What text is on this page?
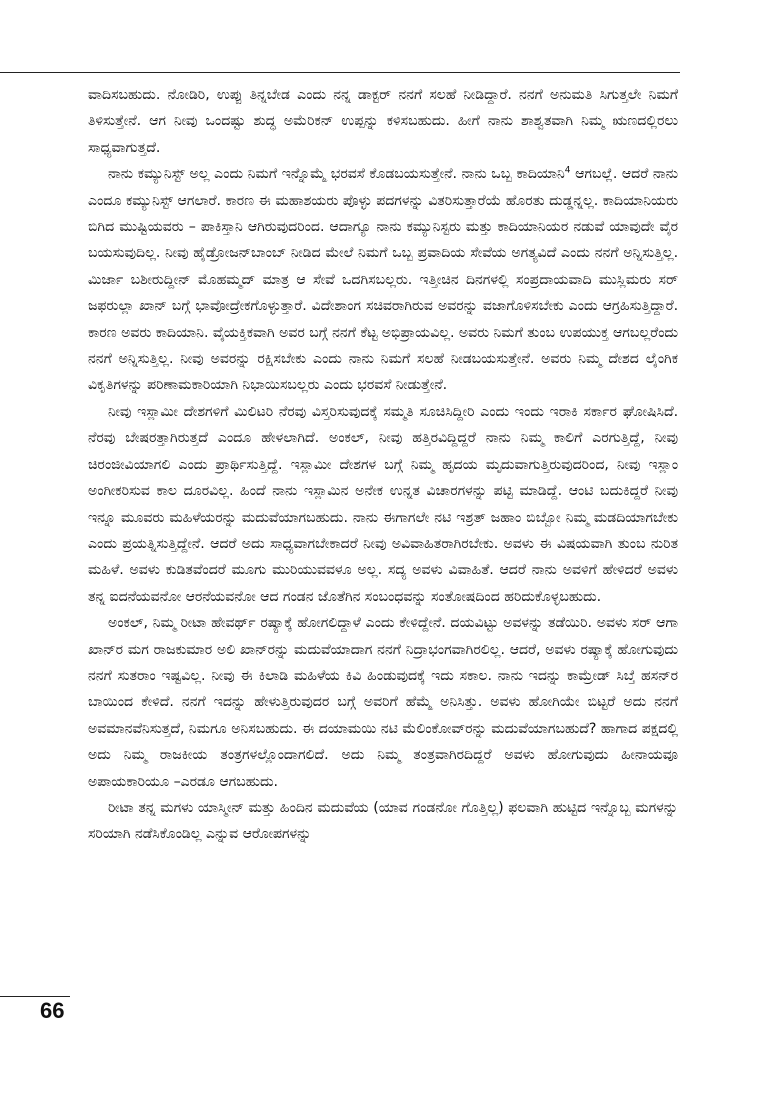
ವಾದಿಸಬಹುದು. ನೋಡಿರಿ, ಉಪ್ಪು ತಿನ್ನಬೇಡ ಎಂದು ನನ್ನ ಡಾಕ್ಟರ್ ನನಗೆ ಸಲಹೆ ನೀಡಿದ್ದಾರೆ. ನನಗೆ ಅನುಮತಿ ಸಿಗುತ್ತಲೇ ನಿಮಗೆ ತಿಳಿಸುತ್ತೇನೆ. ಆಗ ನೀವು ಒಂದಷ್ಟು ಶುದ್ಧ ಅಮೆರಿಕನ್ ಉಪ್ಪನ್ನು ಕಳಿಸಬಹುದು. ಹೀಗೆ ನಾನು ಶಾಶ್ವತವಾಗಿ ನಿಮ್ಮ ಋಣದಲ್ಲಿರಲು ಸಾಧ್ಯವಾಗುತ್ತದೆ.

ನಾನು ಕಮ್ಯುನಿಸ್ಟ್ ಅಲ್ಲ ಎಂದು ನಿಮಗೆ ಇನ್ನೊಮ್ಮೆ ಭರವಸೆ ಕೊಡಬಯಸುತ್ತೇನೆ. ನಾನು ಒಬ್ಬ ಕಾದಿಯಾನಿ$^4$ ಆಗಬಲ್ಲೆ. ಆದರೆ ನಾನು ಎಂದೂ ಕಮ್ಯುನಿಸ್ಟ್ ಆಗಲಾರೆ. ಕಾರಣ ಈ ಮಹಾಶಯರು ಪೊಳ್ಳು ಪದಗಳನ್ನು ವಿತರಿಸುತ್ತಾರೆಯೆ ಹೊರತು ದುಡ್ಡನ್ನಲ್ಲ. ಕಾದಿಯಾನಿಯರು ಬಿಗಿದ ಮುಷ್ಟಿಯವರು – ಪಾಕಿಸ್ತಾನಿ ಆಗಿರುವುದರಿಂದ. ಆದಾಗ್ಯೂ ನಾನು ಕಮ್ಯುನಿಸ್ಟರು ಮತ್ತು ಕಾದಿಯಾನಿಯರ ನಡುವೆ ಯಾವುದೇ ವೈರ ಬಯಸುವುದಿಲ್ಲ. ನೀವು ಹೈಡ್ರೋಜನ್‌ಬಾಂಬ್ ನೀಡಿದ ಮೇಲೆ ನಿಮಗೆ ಒಬ್ಬ ಪ್ರವಾದಿಯ ಸೇವೆಯ ಅಗತ್ಯವಿದೆ ಎಂದು ನನಗೆ ಅನ್ನಿಸುತ್ತಿಲ್ಲ. ಮಿರ್ಜಾ ಬಶೀರುದ್ದೀನ್ ಮೊಹಮ್ಮದ್ ಮಾತ್ರ ಆ ಸೇವೆ ಒದಗಿಸಬಲ್ಲರು. ಇತ್ತೀಚಿನ ದಿನಗಳಲ್ಲಿ ಸಂಪ್ರದಾಯವಾದಿ ಮುಸ್ಲಿಮರು ಸರ್ ಜಫರುಲ್ಲಾ ಖಾನ್ ಬಗ್ಗೆ ಭಾವೋದ್ರೇಕಗೊಳ್ಳುತ್ತಾರೆ. ವಿದೇಶಾಂಗ ಸಚಿವರಾಗಿರುವ ಅವರನ್ನು ವಜಾಗೊಳಿಸಬೇಕು ಎಂದು ಆಗ್ರಹಿಸುತ್ತಿದ್ದಾರೆ. ಕಾರಣ ಅವರು ಕಾದಿಯಾನಿ. ವೈಯಕ್ತಿಕವಾಗಿ ಅವರ ಬಗ್ಗೆ ನನಗೆ ಕೆಟ್ಟ ಅಭಿಪ್ರಾಯವಿಲ್ಲ. ಅವರು ನಿಮಗೆ ತುಂಬ ಉಪಯುಕ್ತ ಆಗಬಲ್ಲರೆಂದು ನನಗೆ ಅನ್ನಿಸುತ್ತಿಲ್ಲ. ನೀವು ಅವರನ್ನು ರಕ್ಷಿಸಬೇಕು ಎಂದು ನಾನು ನಿಮಗೆ ಸಲಹೆ ನೀಡಬಯಸುತ್ತೇನೆ. ಅವರು ನಿಮ್ಮ ದೇಶದ ಲೈಂಗಿಕ ವಿಕೃತಿಗಳನ್ನು ಪರಿಣಾಮಕಾರಿಯಾಗಿ ನಿಭಾಯಿಸಬಲ್ಲರು ಎಂದು ಭರವಸೆ ನೀಡುತ್ತೇನೆ.

ನೀವು ಇಸ್ಲಾಮೀ ದೇಶಗಳಿಗೆ ಮಿಲಿಟರಿ ನೆರವು ವಿಸ್ತರಿಸುವುದಕ್ಕೆ ಸಮ್ಮತಿ ಸೂಚಿಸಿದ್ದೀರಿ ಎಂದು ಇಂದು ಇರಾಕಿ ಸರ್ಕಾರ ಘೋಷಿಸಿದೆ. ನೆರವು ಬೇಷರತ್ತಾಗಿರುತ್ತದೆ ಎಂದೂ ಹೇಳಲಾಗಿದೆ. ಅಂಕಲ್, ನೀವು ಹತ್ತಿರವಿದ್ದಿದ್ದರೆ ನಾನು ನಿಮ್ಮ ಕಾಲಿಗೆ ಎರಗುತ್ತಿದ್ದೆ, ನೀವು ಚಿರಂಜೀವಿಯಾಗಲಿ ಎಂದು ಪ್ರಾರ್ಥಿಸುತ್ತಿದ್ದೆ. ಇಸ್ಲಾಮೀ ದೇಶಗಳ ಬಗ್ಗೆ ನಿಮ್ಮ ಹೃದಯ ಮೃದುವಾಗುತ್ತಿರುವುದರಿಂದ, ನೀವು ಇಸ್ಲಾಂ ಅಂಗೀಕರಿಸುವ ಕಾಲ ದೂರವಿಲ್ಲ. ಹಿಂದೆ ನಾನು ಇಸ್ಲಾಮಿನ ಅನೇಕ ಉನ್ನತ ವಿಚಾರಗಳನ್ನು ಪಟ್ಟಿ ಮಾಡಿದ್ದೆ. ಆಂಟಿ ಬದುಕಿದ್ದರೆ ನೀವು ಇನ್ನೂ ಮೂವರು ಮಹಿಳೆಯರನ್ನು ಮದುವೆಯಾಗಬಹುದು. ನಾನು ಈಗಾಗಲೇ ನಟಿ ಇಶ್ರತ್ ಜಹಾಂ ಬಿಬ್ಬೋ ನಿಮ್ಮ ಮಡದಿಯಾಗಬೇಕು ಎಂದು ಪ್ರಯತ್ನಿಸುತ್ತಿದ್ದೇನೆ. ಆದರೆ ಅದು ಸಾಧ್ಯವಾಗಬೇಕಾದರೆ ನೀವು ಅವಿವಾಹಿತರಾಗಿರಬೇಕು. ಅವಳು ಈ ವಿಷಯವಾಗಿ ತುಂಬ ನುರಿತ ಮಹಿಳೆ. ಅವಳು ಕುಡಿತವೆಂದರೆ ಮೂಗು ಮುರಿಯುವವಳೂ ಅಲ್ಲ. ಸದ್ಯ ಅವಳು ವಿವಾಹಿತೆ. ಆದರೆ ನಾನು ಅವಳಿಗೆ ಹೇಳಿದರೆ ಅವಳು ತನ್ನ ಐದನೆಯವನೋ ಆರನೆಯವನೋ ಆದ ಗಂಡನ ಜೊತೆಗಿನ ಸಂಬಂಧವನ್ನು ಸಂತೋಷದಿಂದ ಹರಿದುಕೊಳ್ಳಬಹುದು.

ಅಂಕಲ್, ನಿಮ್ಮ ರೀಟಾ ಹೇವರ್ಥ್ ರಷ್ಯಾಕ್ಕೆ ಹೋಗಲಿದ್ದಾಳೆ ಎಂದು ಕೇಳಿದ್ದೇನೆ. ದಯವಿಟ್ಟು ಅವಳನ್ನು ತಡೆಯಿರಿ. ಅವಳು ಸರ್ ಆಗಾ ಖಾನ್‌ರ ಮಗ ರಾಜಕುಮಾರ ಅಲಿ ಖಾನ್‌ರನ್ನು ಮದುವೆಯಾದಾಗ ನನಗೆ ನಿದ್ರಾಭಂಗವಾಗಿರಲಿಲ್ಲ. ಆದರೆ, ಅವಳು ರಷ್ಯಾಕ್ಕೆ ಹೋಗುವುದು ನನಗೆ ಸುತರಾಂ ಇಷ್ಟವಿಲ್ಲ. ನೀವು ಈ ಕಿಲಾಡಿ ಮಹಿಳೆಯ ಕಿವಿ ಹಿಂಡುವುದಕ್ಕೆ ಇದು ಸಕಾಲ. ನಾನು ಇದನ್ನು ಕಾಮ್ರೇಡ್ ಸಿಬ್ತೆ ಹಸನ್‌ರ ಬಾಯಿಂದ ಕೇಳಿದೆ. ನನಗೆ ಇದನ್ನು ಹೇಳುತ್ತಿರುವುದರ ಬಗ್ಗೆ ಅವರಿಗೆ ಹೆಮ್ಮೆ ಅನಿಸಿತ್ತು. ಅವಳು ಹೋಗಿಯೇ ಬಿಟ್ಟರೆ ಅದು ನನಗೆ ಅವಮಾನವೆನಿಸುತ್ತದೆ, ನಿಮಗೂ ಅನಿಸಬಹುದು. ಈ ದಯಾಮಯಿ ನಟಿ ಮೆಲಿಂಕೋವ್‌ರನ್ನು ಮದುವೆಯಾಗಬಹುದೆ? ಹಾಗಾದ ಪಕ್ಷದಲ್ಲಿ ಅದು ನಿಮ್ಮ ರಾಜಕೀಯ ತಂತ್ರಗಳಲ್ಲೊಂದಾಗಲಿದೆ. ಅದು ನಿಮ್ಮ ತಂತ್ರವಾಗಿರದಿದ್ದರೆ ಅವಳು ಹೋಗುವುದು ಹೀನಾಯವೂ ಅಪಾಯಕಾರಿಯೂ –ಎರಡೂ ಆಗಬಹುದು.

ರೀಟಾ ತನ್ನ ಮಗಳು ಯಾಸ್ಮೀನ್ ಮತ್ತು ಹಿಂದಿನ ಮದುವೆಯ (ಯಾವ ಗಂಡನೋ ಗೊತ್ತಿಲ್ಲ) ಫಲವಾಗಿ ಹುಟ್ಟಿದ ಇನ್ನೊಬ್ಬ ಮಗಳನ್ನು ಸರಿಯಾಗಿ ನಡೆಸಿಕೊಂಡಿಲ್ಲ ಎನ್ನುವ ಆರೋಪಗಳನ್ನು

66
